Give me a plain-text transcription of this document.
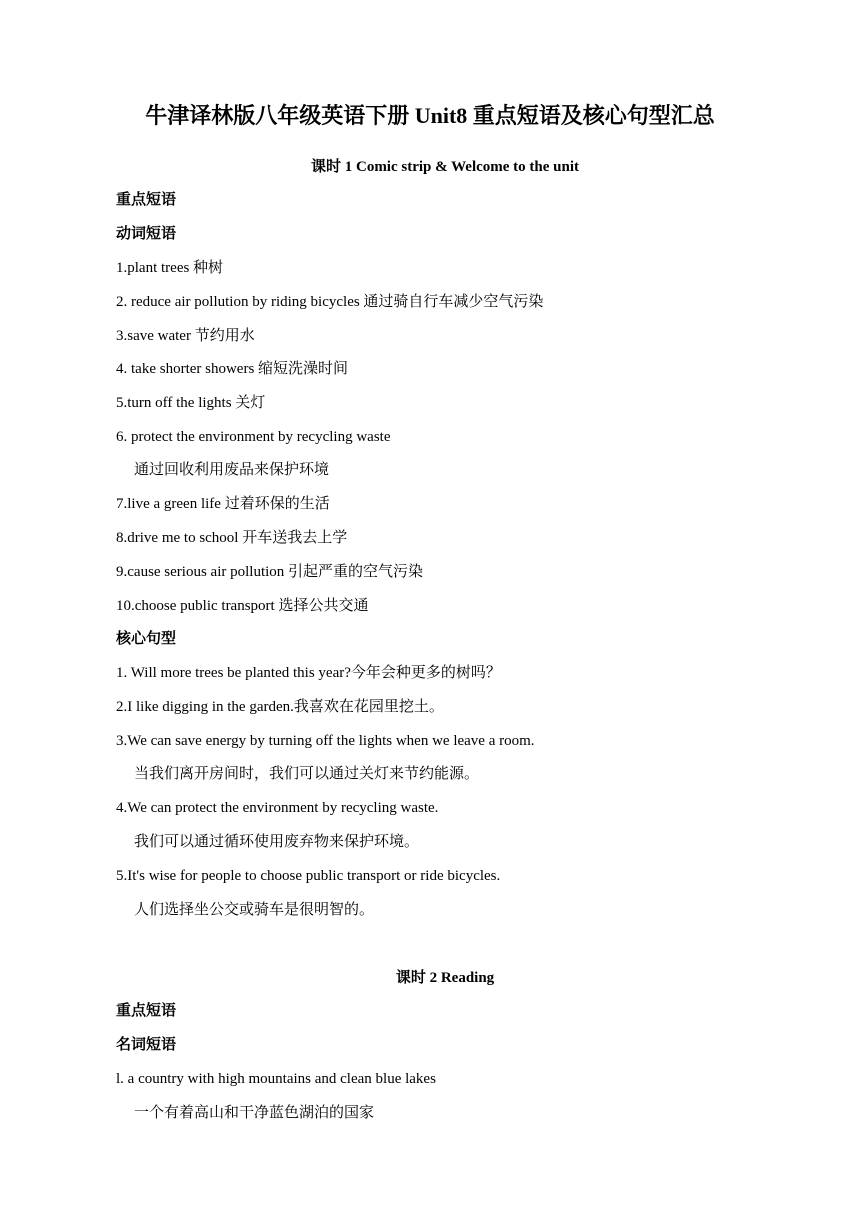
牛津译林版八年级英语下册 Unit8 重点短语及核心句型汇总
课时 1 Comic strip & Welcome to the unit
重点短语
动词短语
1.plant trees 种树
2. reduce air pollution by riding bicycles 通过骑自行车减少空气污染
3.save water 节约用水
4. take shorter showers 缩短洗澡时间
5.turn off the lights 关灯
6. protect the environment by recycling waste
通过回收利用废品来保护环境
7.live a green life 过着环保的生活
8.drive me to school 开车送我去上学
9.cause serious air pollution 引起严重的空气污染
10.choose public transport 选择公共交通
核心句型
1. Will more trees be planted this year?今年会种更多的树吗？
2.I like digging in the garden.我喜欢在花园里挖土。
3.We can save energy by turning off the lights when we leave a room.
当我们离开房间时，我们可以通过关灯来节约能源。
4.We can protect the environment by recycling waste.
我们可以通过循环使用废弃物来保护环境。
5.It's wise for people to choose public transport or ride bicycles.
人们选择坐公交或骑车是很明智的。
课时 2 Reading
重点短语
名词短语
l. a country with high mountains and clean blue lakes
一个有着高山和干净蓝色湖泊的国家
